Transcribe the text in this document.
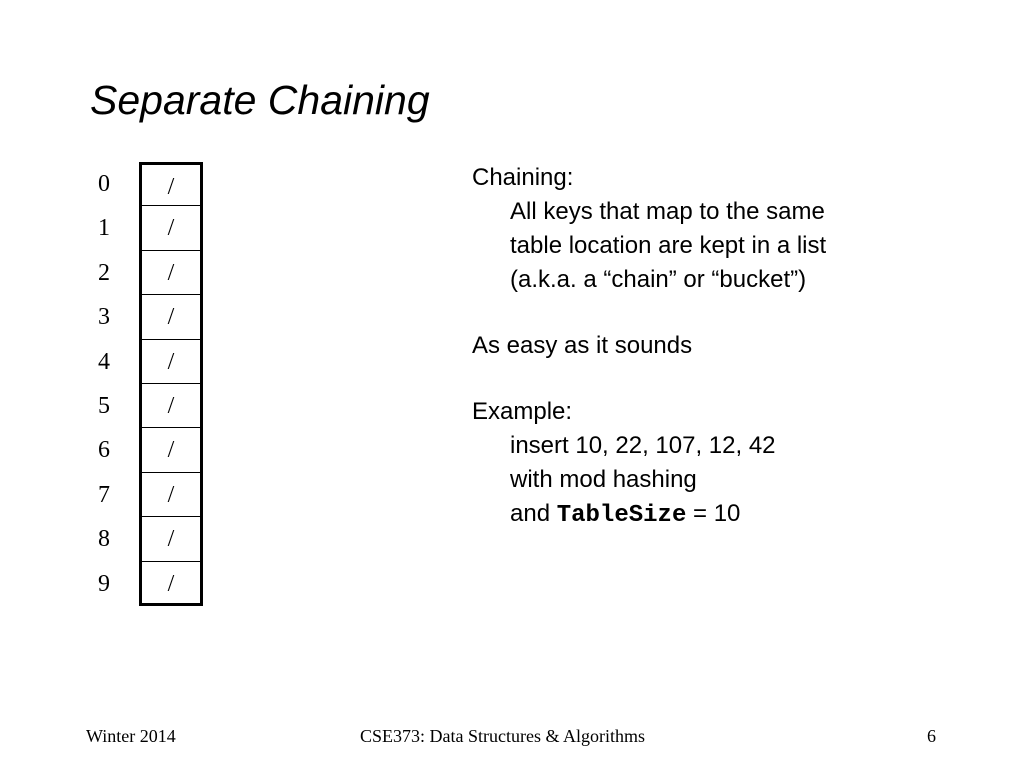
Separate Chaining
0	/
1	/
2	/
3	/
4	/
5	/
6	/
7	/
8	/
9	/

Chaining:

All keys that map to the same

table location are kept in a list

(a.k.a. a “chain” or “bucket”)

As easy as it sounds

Example:

insert 10, 22, 107, 12, 42

with mod hashing

and TableSize = 10

Winter 2014	CSE373: Data Structures & Algorithms	6
